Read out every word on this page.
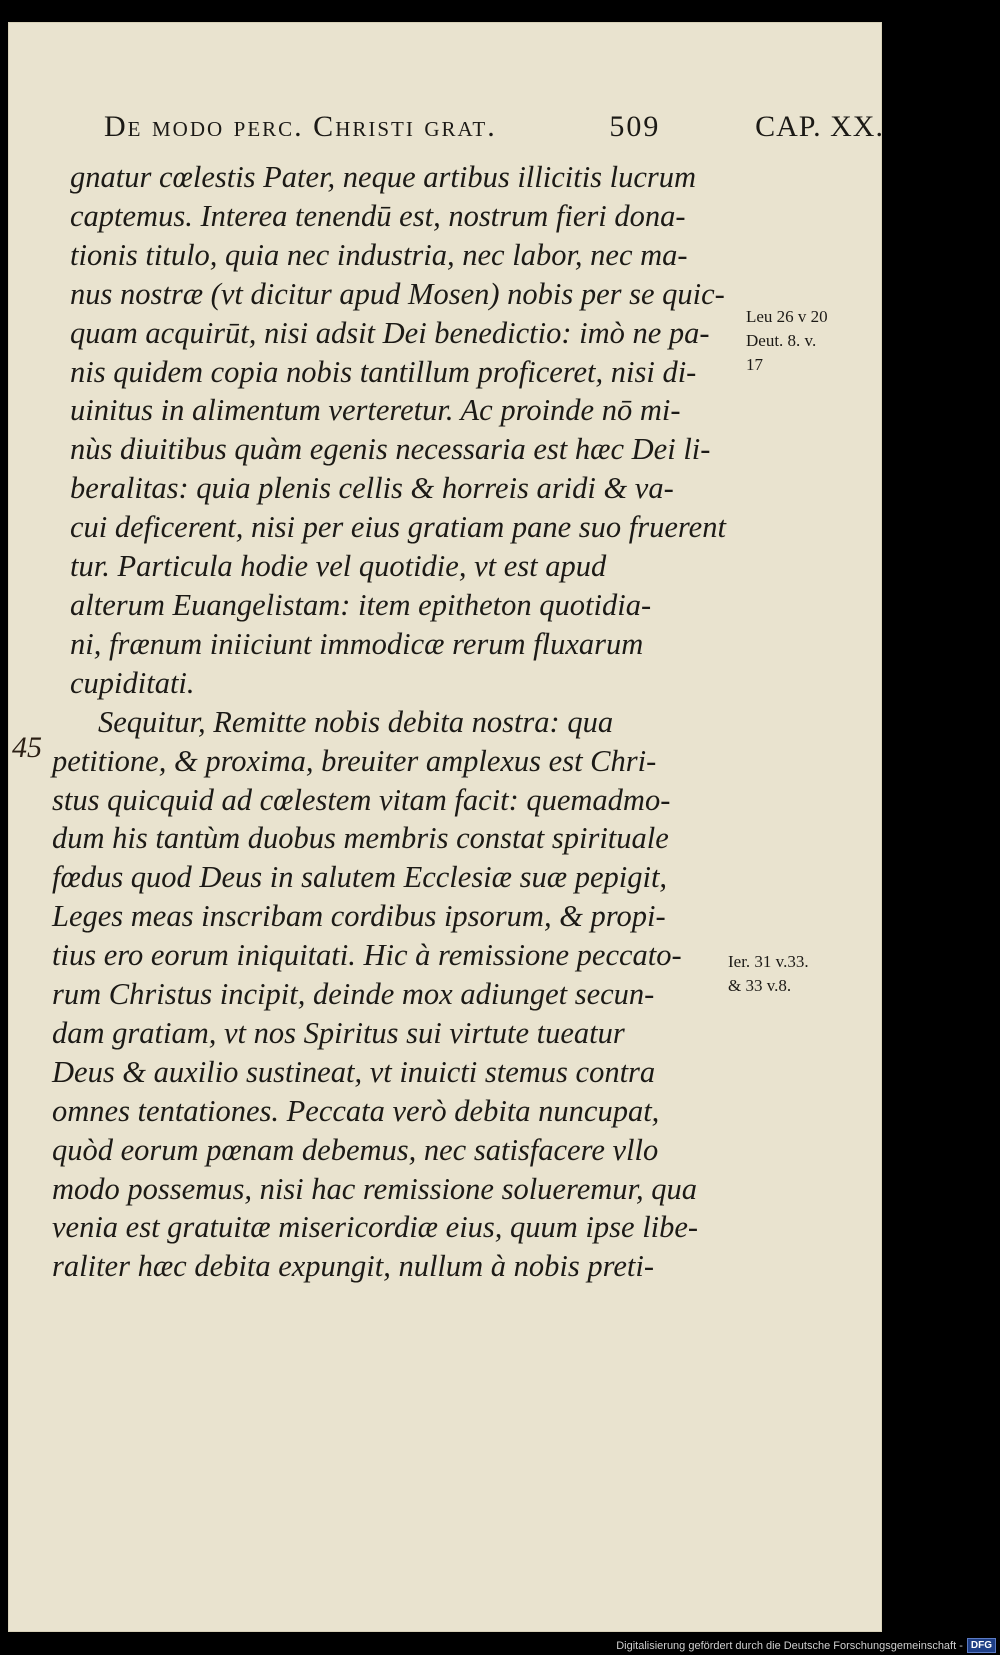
De modo perc. Christi grat.	509	CAP. XX.
gnatur cœlestis Pater, neque artibus illicitis lucrum
captemus. Interea tenendū est, nostrum fieri dona-
tionis titulo, quia nec industria, nec labor, nec ma-
nus nostræ (vt dicitur apud Mosen) nobis per se quic-
quam acquirūt, nisi adsit Dei benedictio: imò ne pa-
nis quidem copia nobis tantillum proficeret, nisi di-
uinitus in alimentum verteretur. Ac proinde nō mi-
nùs diuitibus quàm egenis necessaria est hæc Dei li-
beralitas: quia plenis cellis & horreis aridi & va-
cui deficerent, nisi per eius gratiam pane suo fruerent
tur. Particula hodie vel quotidie, vt est apud
alterum Euangelistam: item epitheton quotidia-
ni, frænum iniiciunt immodicæ rerum fluxarum
cupiditati.
Sequitur, Remitte nobis debita nostra: qua
petitione, & proxima, breuiter amplexus est Chri-
stus quicquid ad cœlestem vitam facit: quemadmo-
dum his tantùm duobus membris constat spirituale
fœdus quod Deus in salutem Ecclesiæ suæ pepigit,
Leges meas inscribam cordibus ipsorum, & propi-
tius ero eorum iniquitati. Hic à remissione peccato-
rum Christus incipit, deinde mox adiunget secun-
dam gratiam, vt nos Spiritus sui virtute tueatur
Deus & auxilio sustineat, vt inuicti stemus contra
omnes tentationes. Peccata verò debita nuncupat,
quòd eorum pœnam debemus, nec satisfacere vllo
modo possemus, nisi hac remissione solueremur, qua
venia est gratuitæ misericordiæ eius, quum ipse libe-
raliter hæc debita expungit, nullum à nobis preti-
45
Leu 26 v 20
Deut. 8. v.
17
Ier. 31 v.33.
& 33 v.8.
Digitalisierung gefördert durch die Deutsche Forschungsgemeinschaft - DFG
